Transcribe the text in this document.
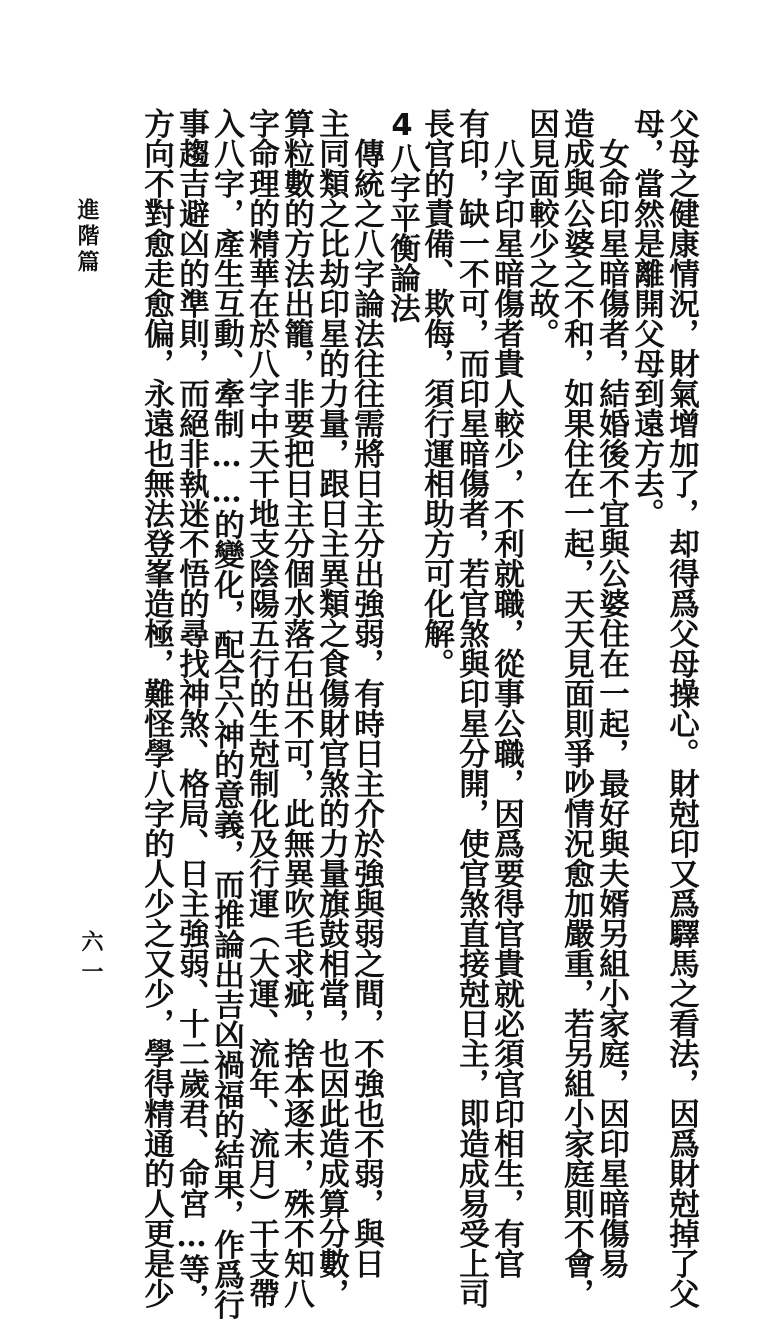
進階篇
六一	父母之健康情況，財氣增加了，却得爲父母操心。財尅印又爲驛馬之看法，因爲財尅掉了父
母，當然是離開父母到遠方去。
　女命印星暗傷者，結婚後不宜與公婆住在一起，最好與夫婿另組小家庭，因印星暗傷易
造成與公婆之不和，如果住在一起，天天見面則爭吵情況愈加嚴重，若另組小家庭則不會，
因見面較少之故。
　八字印星暗傷者貴人較少，不利就職，從事公職，因爲要得官貴就必須官印相生，有官
有印，缺一不可，而印星暗傷者，若官煞與印星分開，使官煞直接尅日主，即造成易受上司
長官的責備、欺侮，須行運相助方可化解。
4八字平衡論法
　傳統之八字論法往往需將日主分出強弱，有時日主介於強與弱之間，不強也不弱，與日
主同類之比劫印星的力量，跟日主異類之食傷財官煞的力量旗鼓相當，也因此造成算分數，
算粒數的方法出籠，非要把日主分個水落石出不可，此無異吹毛求疵，捨本逐末，殊不知八
字命理的精華在於八字中天干地支陰陽五行的生尅制化及行運（大運、流年、流月）干支帶
入八字，產生互動、牽制……的變化，配合六神的意義，而推論出吉凶禍福的結果，作爲行
事趨吉避凶的準則，而絕非執迷不悟的尋找神煞、格局、日主強弱、十二歲君、命宮…等，
方向不對愈走愈偏，永遠也無法登峯造極，難怪學八字的人少之又少，學得精通的人更是少
